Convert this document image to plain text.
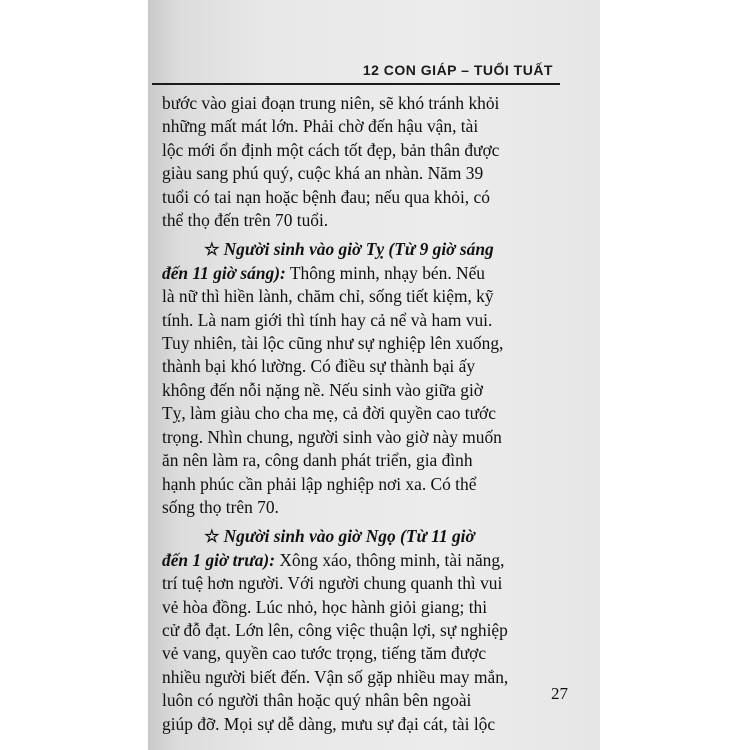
12 CON GIÁP – TUỔI TUẤT

bước vào giai đoạn trung niên, sẽ khó tránh khỏi
những mất mát lớn. Phải chờ đến hậu vận, tài
lộc mới ổn định một cách tốt đẹp, bản thân được
giàu sang phú quý, cuộc khá an nhàn. Năm 39
tuổi có tai nạn hoặc bệnh đau; nếu qua khỏi, có
thể thọ đến trên 70 tuổi.

☆ Người sinh vào giờ Tỵ (Từ 9 giờ sáng
đến 11 giờ sáng): Thông minh, nhạy bén. Nếu
là nữ thì hiền lành, chăm chỉ, sống tiết kiệm, kỹ
tính. Là nam giới thì tính hay cả nể và ham vui.
Tuy nhiên, tài lộc cũng như sự nghiệp lên xuống,
thành bại khó lường. Có điều sự thành bại ấy
không đến nỗi nặng nề. Nếu sinh vào giữa giờ
Tỵ, làm giàu cho cha mẹ, cả đời quyền cao tước
trọng. Nhìn chung, người sinh vào giờ này muốn
ăn nên làm ra, công danh phát triển, gia đình
hạnh phúc cần phải lập nghiệp nơi xa. Có thể
sống thọ trên 70.

☆ Người sinh vào giờ Ngọ (Từ 11 giờ
đến 1 giờ trưa): Xông xáo, thông minh, tài năng,
trí tuệ hơn người. Với người chung quanh thì vui
vẻ hòa đồng. Lúc nhỏ, học hành giỏi giang; thi
cử đỗ đạt. Lớn lên, công việc thuận lợi, sự nghiệp
vẻ vang, quyền cao tước trọng, tiếng tăm được
nhiều người biết đến. Vận số gặp nhiều may mắn,
luôn có người thân hoặc quý nhân bên ngoài
giúp đỡ. Mọi sự dễ dàng, mưu sự đại cát, tài lộc

27
